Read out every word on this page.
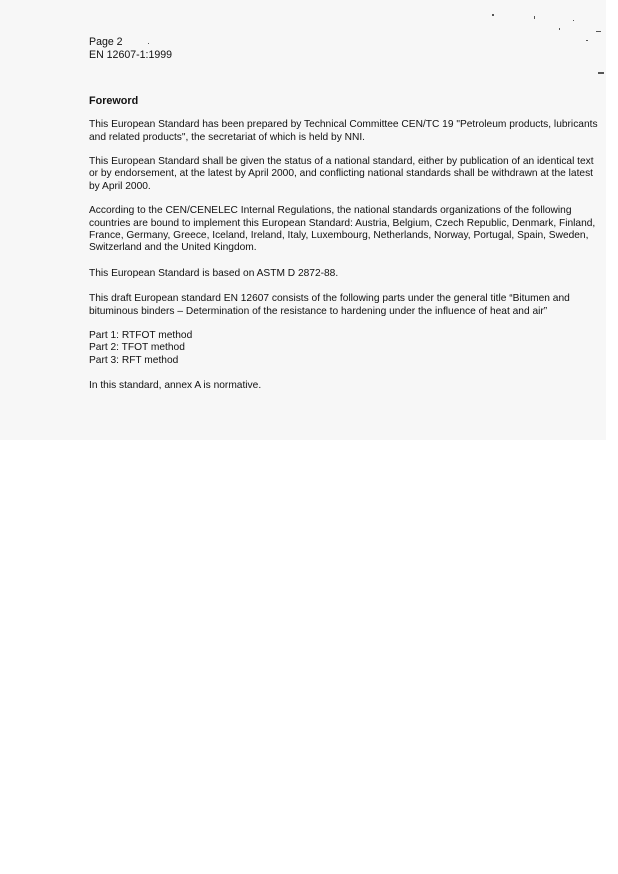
Page 2
EN 12607-1:1999
Foreword

This European Standard has been prepared by Technical Committee CEN/TC 19 "Petroleum products, lubricants and related products", the secretariat of which is held by NNI.

This European Standard shall be given the status of a national standard, either by publication of an identical text or by endorsement, at the latest by April 2000, and conflicting national standards shall be withdrawn at the latest by April 2000.

According to the CEN/CENELEC Internal Regulations, the national standards organizations of the following countries are bound to implement this European Standard: Austria, Belgium, Czech Republic, Denmark, Finland, France, Germany, Greece, Iceland, Ireland, Italy, Luxembourg, Netherlands, Norway, Portugal, Spain, Sweden, Switzerland and the United Kingdom.

This European Standard is based on ASTM D 2872-88.

This draft European standard EN 12607 consists of the following parts under the general title “Bitumen and bituminous binders – Determination of the resistance to hardening under the influence of heat and air”

Part 1: RTFOT method
Part 2: TFOT method
Part 3: RFT method

In this standard, annex A is normative.
